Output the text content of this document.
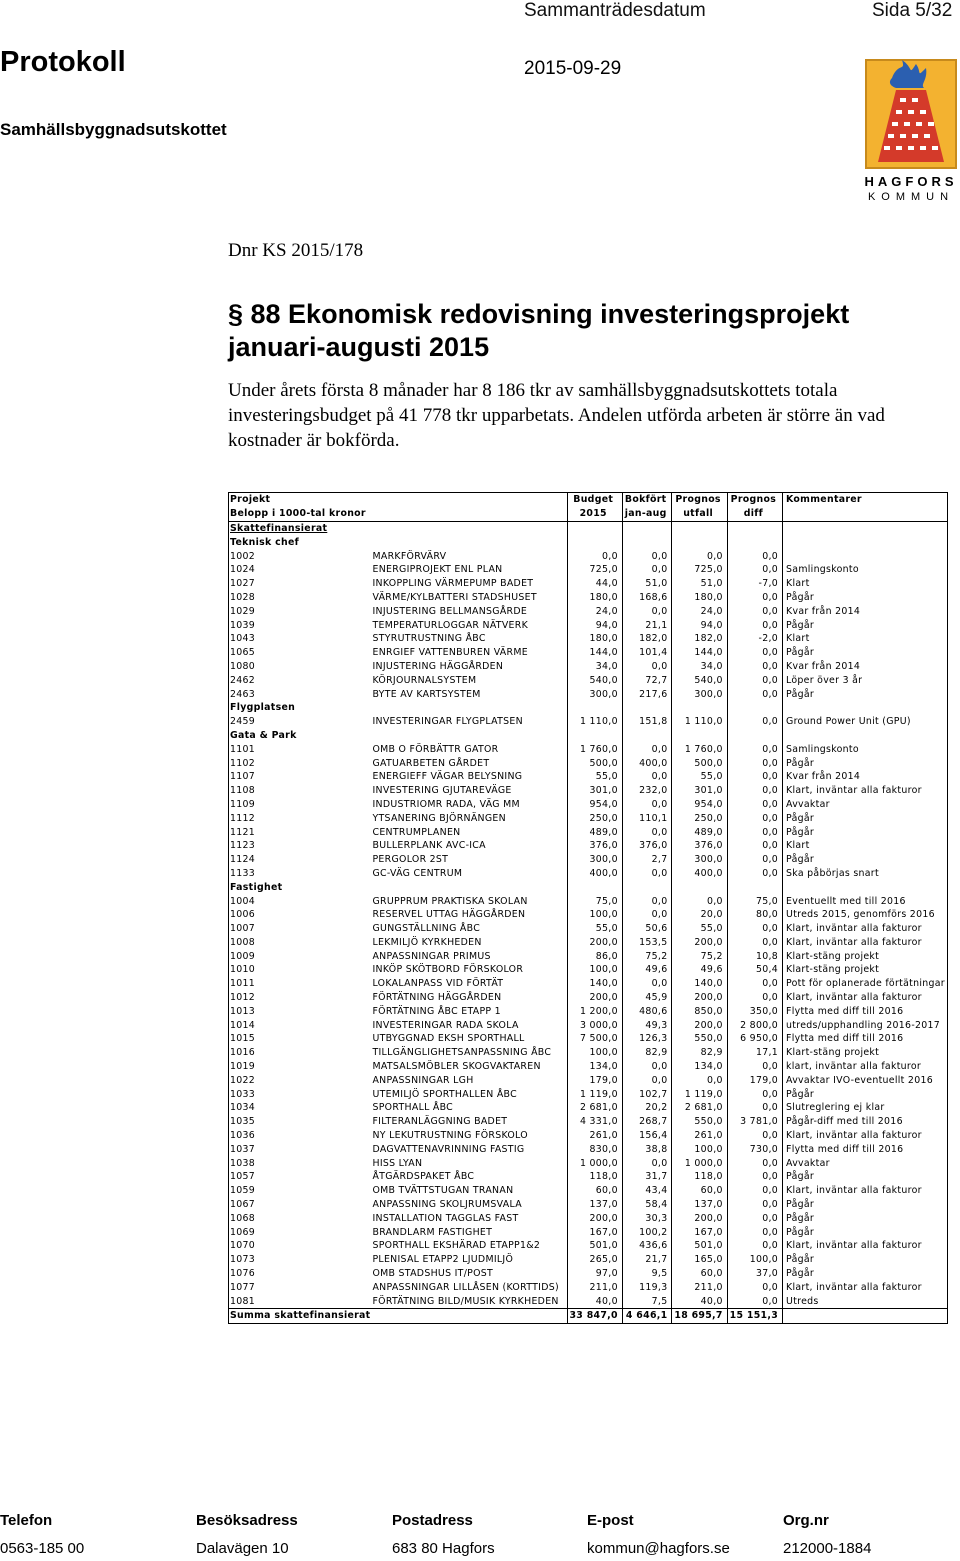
Sammanträdesdatum	Sida 5/32
Protokoll	2015-09-29
Samhällsbyggnadsutskottet
HAGFORS
KOMMUN
Dnr KS 2015/178
§ 88 Ekonomisk redovisning investeringsprojekt
januari-augusti 2015
Under årets första 8 månader har 8 186 tkr av samhällsbyggnadsutskottets totala investeringsbudget på 41 778 tkr upparbetats. Andelen utförda arbeten är större än vad kostnader är bokförda.
Projekt		Budget	Bokfört	Prognos	Prognos	Kommentarer
Belopp i 1000-tal kronor		2015	jan-aug	utfall	diff	
Skattefinansierat						
Teknisk chef						
1002	MARKFÖRVÄRV	0,0	0,0	0,0	0,0	
1024	ENERGIPROJEKT ENL PLAN	725,0	0,0	725,0	0,0	Samlingskonto
1027	INKOPPLING VÄRMEPUMP BADET	44,0	51,0	51,0	-7,0	Klart
1028	VÄRME/KYLBATTERI STADSHUSET	180,0	168,6	180,0	0,0	Pågår
1029	INJUSTERING BELLMANSGÅRDE	24,0	0,0	24,0	0,0	Kvar från 2014
1039	TEMPERATURLOGGAR NÄTVERK	94,0	21,1	94,0	0,0	Pågår
1043	STYRUTRUSTNING ÅBC	180,0	182,0	182,0	-2,0	Klart
1065	ENRGIEF VATTENBUREN VÄRME	144,0	101,4	144,0	0,0	Pågår
1080	INJUSTERING HÄGGÅRDEN	34,0	0,0	34,0	0,0	Kvar från 2014
2462	KÖRJOURNALSYSTEM	540,0	72,7	540,0	0,0	Löper över 3 år
2463	BYTE AV KARTSYSTEM	300,0	217,6	300,0	0,0	Pågår
Flygplatsen						
2459	INVESTERINGAR FLYGPLATSEN	1 110,0	151,8	1 110,0	0,0	Ground Power Unit (GPU)
Gata & Park						
1101	OMB O FÖRBÄTTR GATOR	1 760,0	0,0	1 760,0	0,0	Samlingskonto
1102	GATUARBETEN GÅRDET	500,0	400,0	500,0	0,0	Pågår
1107	ENERGIEFF VÄGAR BELYSNING	55,0	0,0	55,0	0,0	Kvar från 2014
1108	INVESTERING GJUTAREVÄGE	301,0	232,0	301,0	0,0	Klart, inväntar alla fakturor
1109	INDUSTRIOMR RADA, VÄG MM	954,0	0,0	954,0	0,0	Avvaktar
1112	YTSANERING BJÖRNÄNGEN	250,0	110,1	250,0	0,0	Pågår
1121	CENTRUMPLANEN	489,0	0,0	489,0	0,0	Pågår
1123	BULLERPLANK AVC-ICA	376,0	376,0	376,0	0,0	Klart
1124	PERGOLOR 2ST	300,0	2,7	300,0	0,0	Pågår
1133	GC-VÄG CENTRUM	400,0	0,0	400,0	0,0	Ska påbörjas snart
Fastighet						
1004	GRUPPRUM PRAKTISKA SKOLAN	75,0	0,0	0,0	75,0	Eventuellt med till 2016
1006	RESERVEL UTTAG HÄGGÅRDEN	100,0	0,0	20,0	80,0	Utreds 2015, genomförs 2016
1007	GUNGSTÄLLNING ÅBC	55,0	50,6	55,0	0,0	Klart, inväntar alla fakturor
1008	LEKMILJÖ KYRKHEDEN	200,0	153,5	200,0	0,0	Klart, inväntar alla fakturor
1009	ANPASSNINGAR PRIMUS	86,0	75,2	75,2	10,8	Klart-stäng projekt
1010	INKÖP SKÖTBORD FÖRSKOLOR	100,0	49,6	49,6	50,4	Klart-stäng projekt
1011	LOKALANPASS VID FÖRTÄT	140,0	0,0	140,0	0,0	Pott för oplanerade förtätningar
1012	FÖRTÄTNING HÄGGÅRDEN	200,0	45,9	200,0	0,0	Klart, inväntar alla fakturor
1013	FÖRTÄTNING ÅBC ETAPP 1	1 200,0	480,6	850,0	350,0	Flytta med diff till 2016
1014	INVESTERINGAR RADA SKOLA	3 000,0	49,3	200,0	2 800,0	utreds/upphandling 2016-2017
1015	UTBYGGNAD EKSH SPORTHALL	7 500,0	126,3	550,0	6 950,0	Flytta med diff till 2016
1016	TILLGÄNGLIGHETSANPASSNING ÅBC	100,0	82,9	82,9	17,1	Klart-stäng projekt
1019	MATSALSMÖBLER SKOGVAKTAREN	134,0	0,0	134,0	0,0	klart, inväntar alla fakturor
1022	ANPASSNINGAR LGH	179,0	0,0	0,0	179,0	Avvaktar IVO-eventuellt 2016
1033	UTEMILJÖ SPORTHALLEN ÅBC	1 119,0	102,7	1 119,0	0,0	Pågår
1034	SPORTHALL ÅBC	2 681,0	20,2	2 681,0	0,0	Slutreglering ej klar
1035	FILTERANLÄGGNING BADET	4 331,0	268,7	550,0	3 781,0	Pågår-diff med till 2016
1036	NY LEKUTRUSTNING FÖRSKOLO	261,0	156,4	261,0	0,0	Klart, inväntar alla fakturor
1037	DAGVATTENAVRINNING FASTIG	830,0	38,8	100,0	730,0	Flytta med diff till 2016
1038	HISS LYAN	1 000,0	0,0	1 000,0	0,0	Avvaktar
1057	ÅTGÄRDSPAKET ÅBC	118,0	31,7	118,0	0,0	Pågår
1059	OMB TVÄTTSTUGAN TRANAN	60,0	43,4	60,0	0,0	Klart, inväntar alla fakturor
1067	ANPASSNING SKOLJRUMSVALA	137,0	58,4	137,0	0,0	Pågår
1068	INSTALLATION TAGGLAS FAST	200,0	30,3	200,0	0,0	Pågår
1069	BRANDLARM FASTIGHET	167,0	100,2	167,0	0,0	Pågår
1070	SPORTHALL EKSHÄRAD ETAPP1&2	501,0	436,6	501,0	0,0	Klart, inväntar alla fakturor
1073	PLENISAL ETAPP2 LJUDMILJÖ	265,0	21,7	165,0	100,0	Pågår
1076	OMB STADSHUS IT/POST	97,0	9,5	60,0	37,0	Pågår
1077	ANPASSNINGAR LILLÅSEN (KORTTIDS)	211,0	119,3	211,0	0,0	Klart, inväntar alla fakturor
1081	FÖRTÄTNING BILD/MUSIK KYRKHEDEN	40,0	7,5	40,0	0,0	Utreds
Summa skattefinansierat		33 847,0	4 646,1	18 695,7	15 151,3	
Telefon	Besöksadress	Postadress	E-post	Org.nr
0563-185 00	Dalavägen 10	683 80 Hagfors	kommun@hagfors.se	212000-1884
